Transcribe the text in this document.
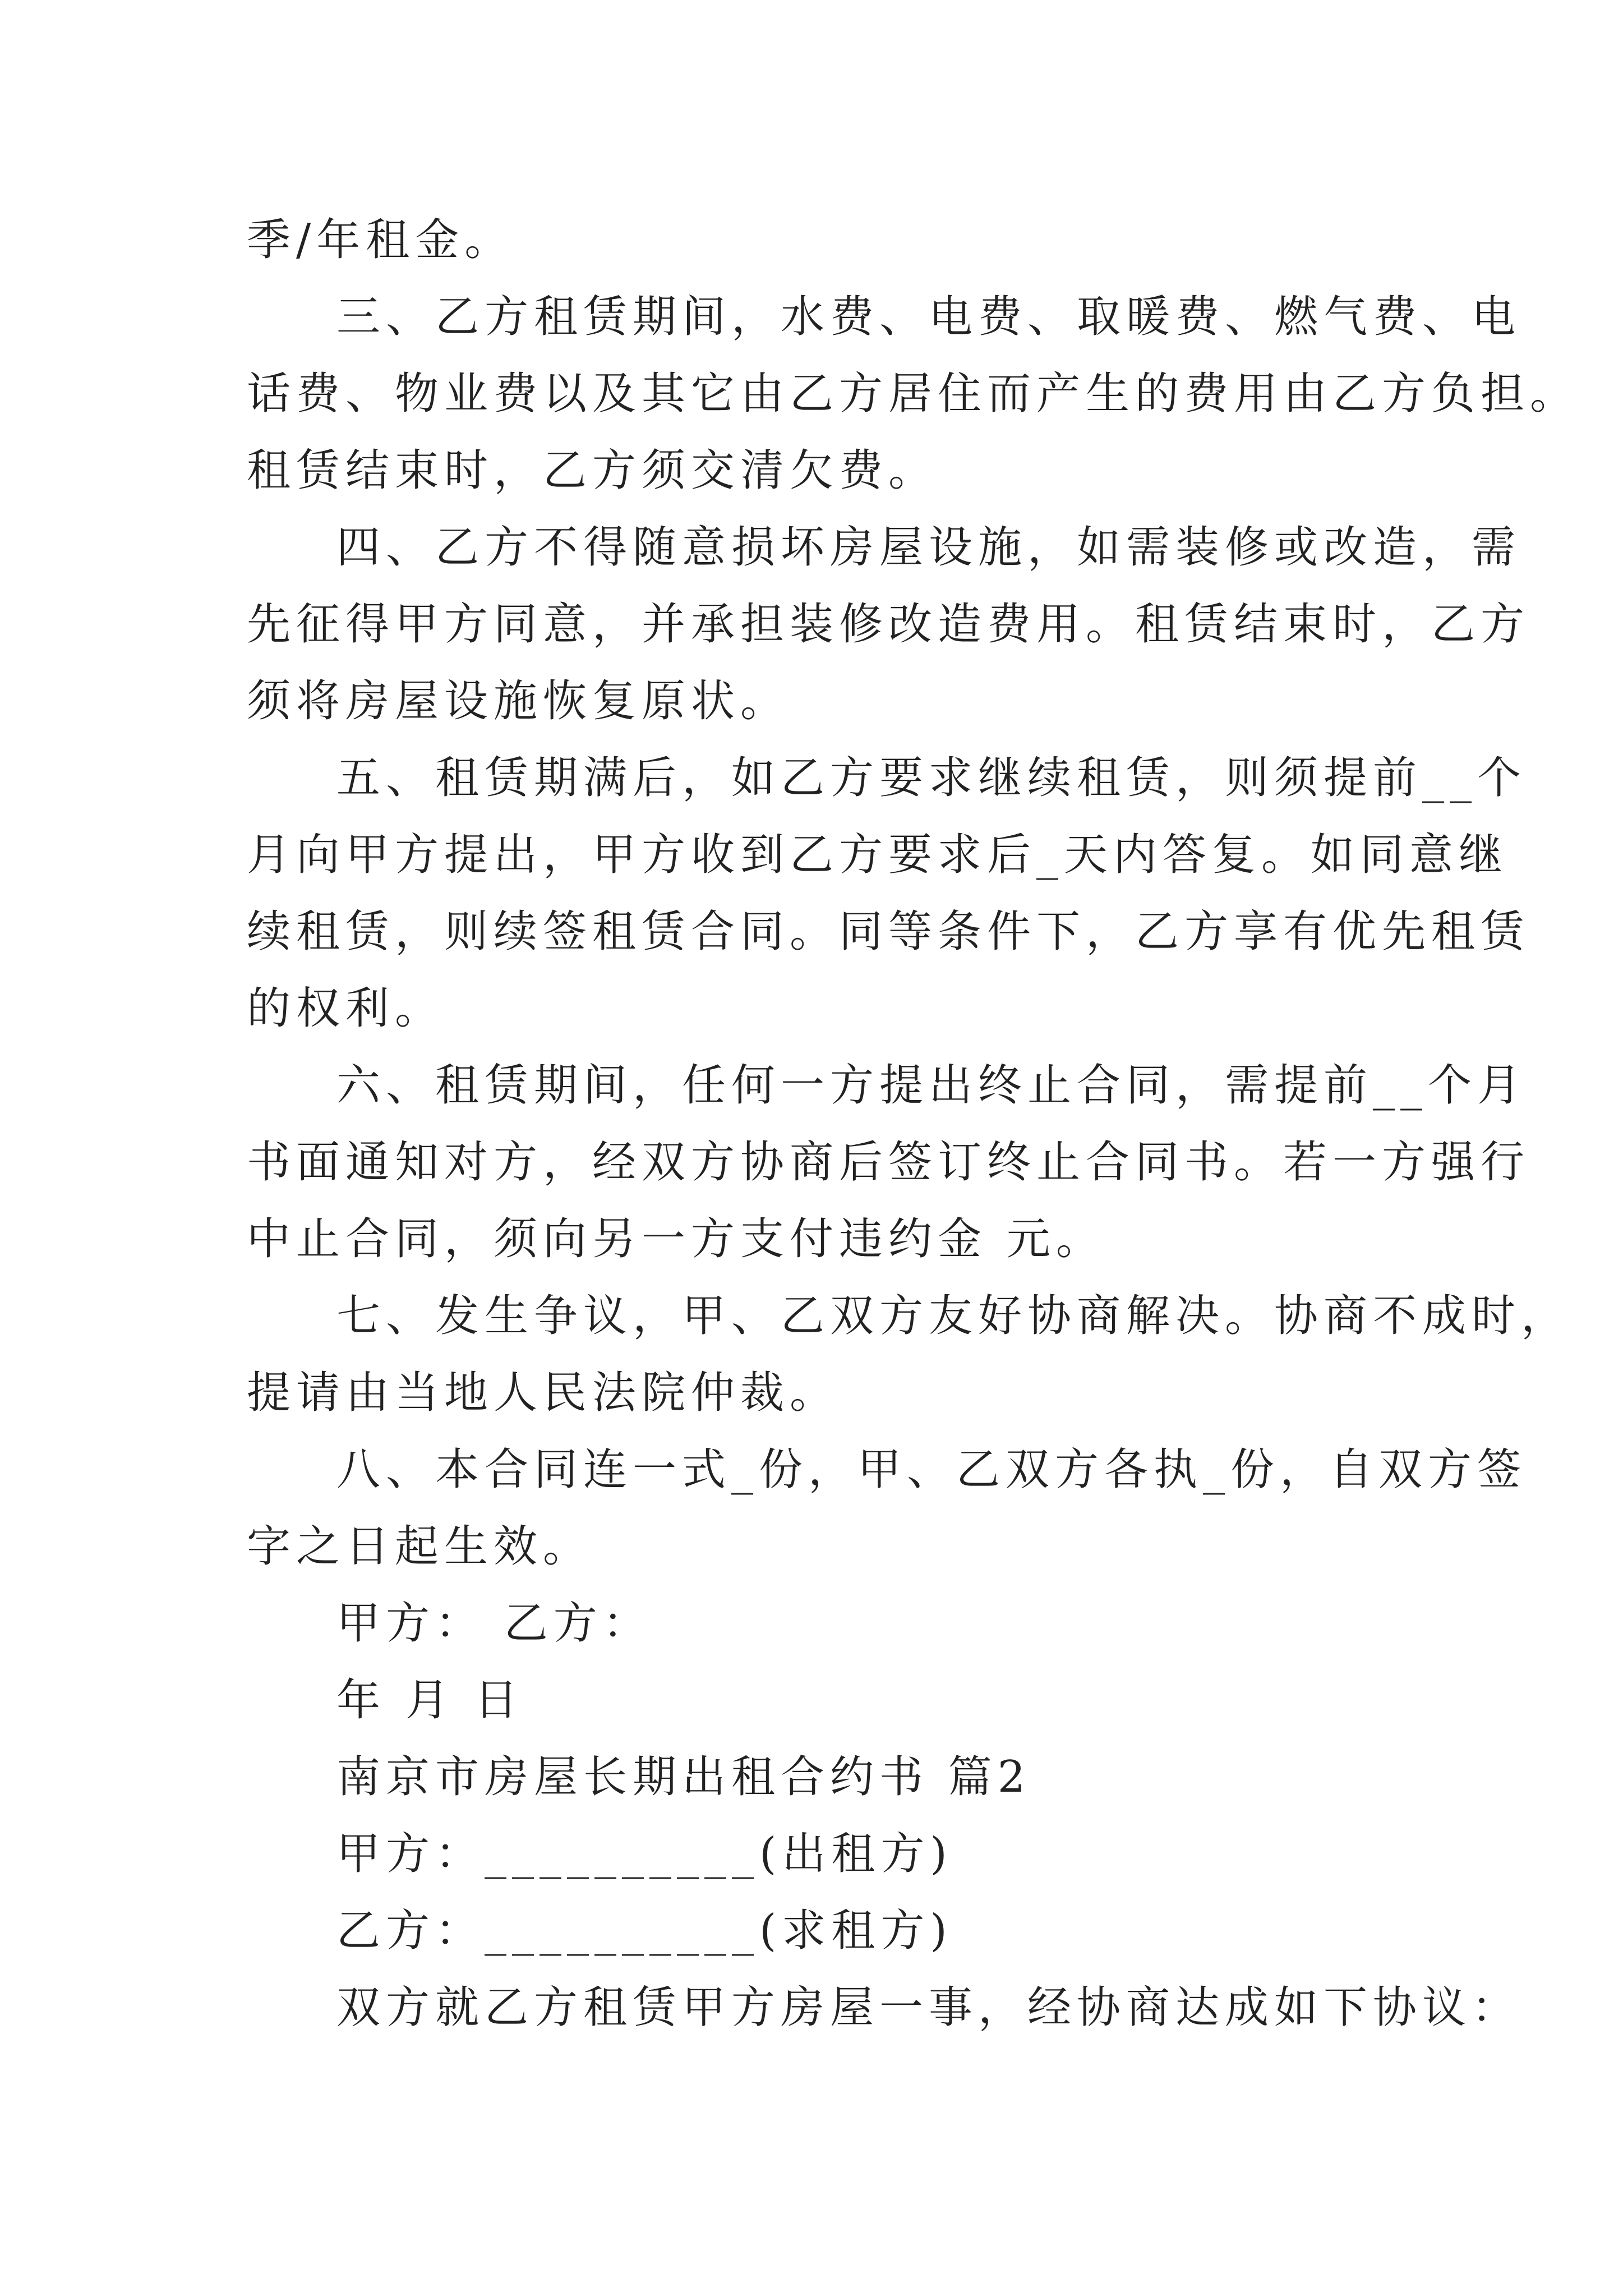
季/年租金。

三、乙方租赁期间，水费、电费、取暖费、燃气费、电

话费、物业费以及其它由乙方居住而产生的费用由乙方负担。

租赁结束时，乙方须交清欠费。

四、乙方不得随意损坏房屋设施，如需装修或改造，需

先征得甲方同意，并承担装修改造费用。租赁结束时，乙方

须将房屋设施恢复原状。

五、租赁期满后，如乙方要求继续租赁，则须提前__个

月向甲方提出，甲方收到乙方要求后_天内答复。如同意继

续租赁，则续签租赁合同。同等条件下，乙方享有优先租赁

的权利。

六、租赁期间，任何一方提出终止合同，需提前__个月

书面通知对方，经双方协商后签订终止合同书。若一方强行

中止合同，须向另一方支付违约金 元。

七、发生争议，甲、乙双方友好协商解决。协商不成时，

提请由当地人民法院仲裁。

八、本合同连一式_份，甲、乙双方各执_份，自双方签

字之日起生效。

甲方： 乙方：

年 月 日

南京市房屋长期出租合约书 篇2

甲方：__________(出租方)

乙方：__________(求租方)

双方就乙方租赁甲方房屋一事，经协商达成如下协议：
